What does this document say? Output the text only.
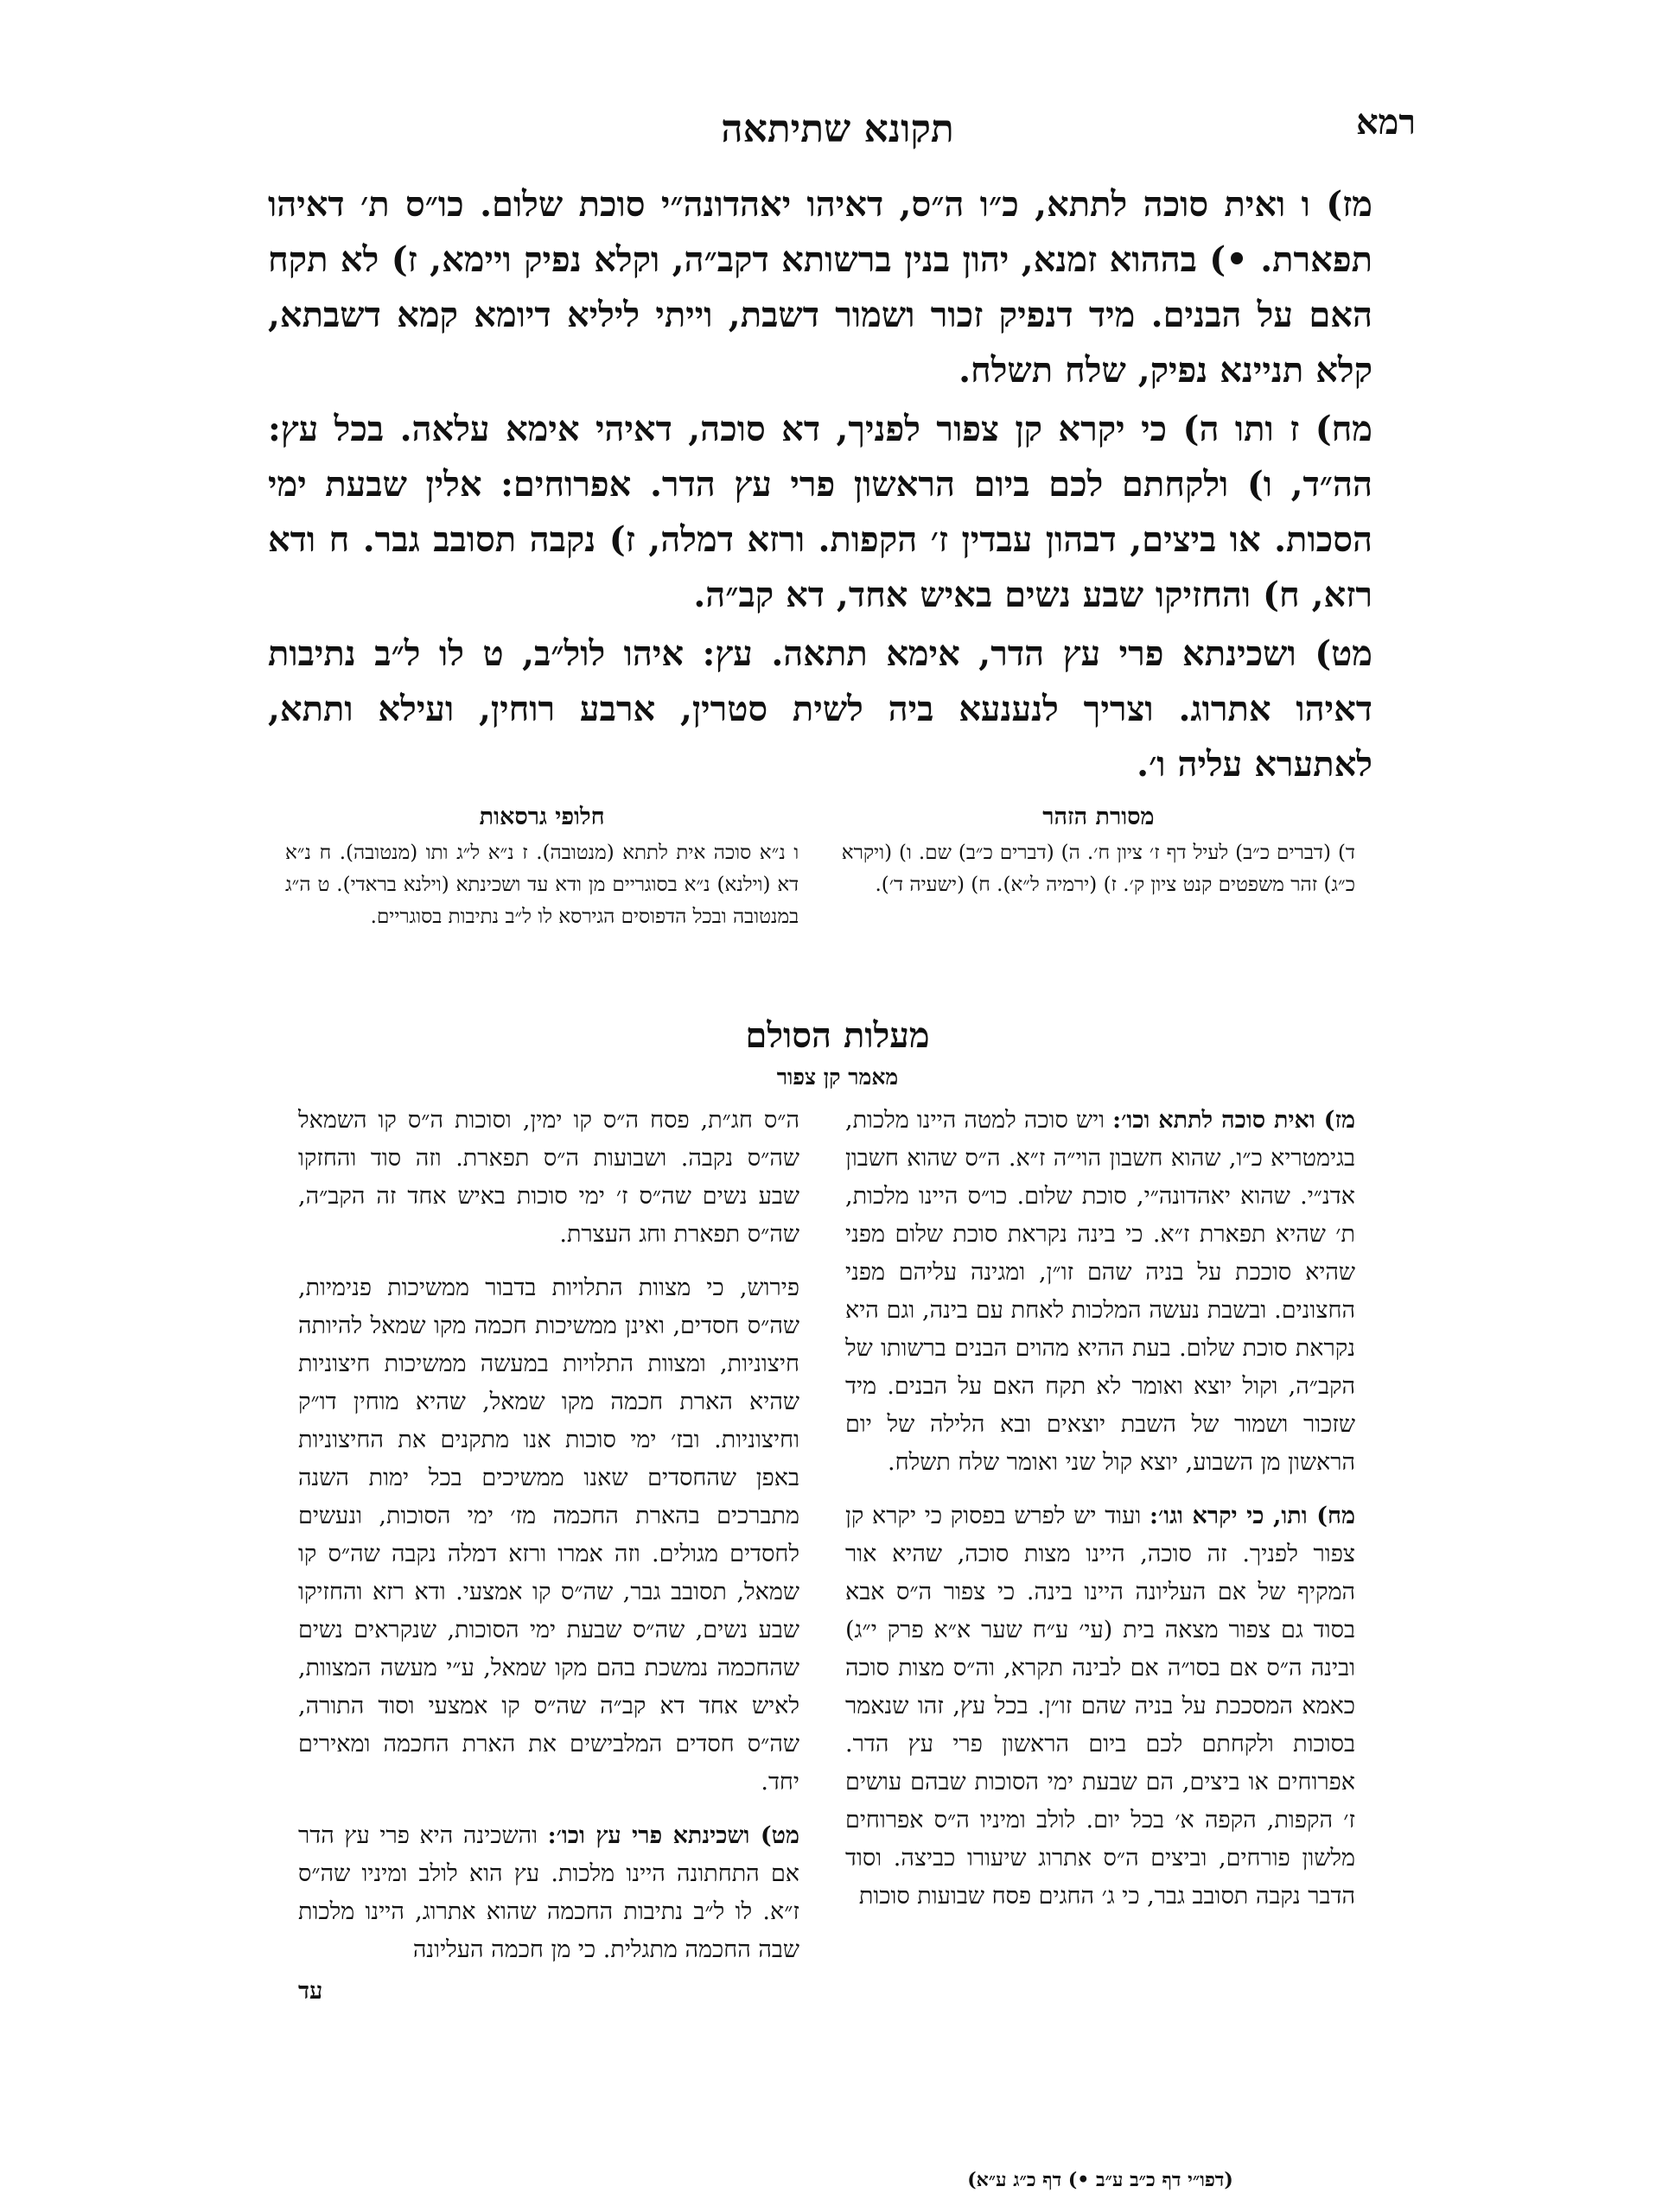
רמא
תקונא שתיתאה

מז) ו ואית סוכה לתתא, כ״ו ה״ס, דאיהו יאהדונה״י סוכת שלום. כו״ס ת׳ דאיהו תפארת. •) בההוא זמנא, יהון בנין ברשותא דקב״ה, וקלא נפיק ויימא, ז) לא תקח האם על הבנים. מיד דנפיק זכור ושמור דשבת, וייתי ליליא דיומא קמא דשבתא, קלא תניינא נפיק, שלח תשלח.

מח) ז ותו ה) כי יקרא קן צפור לפניך, דא סוכה, דאיהי אימא עלאה. בכל עץ: הה״ד, ו) ולקחתם לכם ביום הראשון פרי עץ הדר. אפרוחים: אלין שבעת ימי הסכות. או ביצים, דבהון עבדין ז׳ הקפות. ורזא דמלה, ז) נקבה תסובב גבר. ח ודא רזא, ח) והחזיקו שבע נשים באיש אחד, דא קב״ה.

מט) ושכינתא פרי עץ הדר, אימא תתאה. עץ: איהו לול״ב, ט לו ל״ב נתיבות דאיהו אתרוג. וצריך לנענעא ביה לשית סטרין, ארבע רוחין, ועילא ותתא, לאתערא עליה ו׳.

מסורת הזהר
ד) (דברים כ״ב) לעיל דף ז׳ ציון ח׳. ה) (דברים כ״ב) שם. ו) (ויקרא כ״ג) זהר משפטים קנט ציון ק׳. ז) (ירמיה ל״א). ח) (ישעיה ד׳).
חלופי גרסאות
ו נ״א סוכה אית לתתא (מנטובה). ז נ״א ל״ג ותו (מנטובה). ח נ״א דא (וילנא) נ״א בסוגריים מן ודא עד ושכינתא (וילנא בראדי). ט ה״ג במנטובה ובכל הדפוסים הגירסא לו ל״ב נתיבות בסוגריים.
מעלות הסולם
מאמר קן צפור

מז) ואית סוכה לתתא וכו׳: ויש סוכה למטה היינו מלכות, בגימטריא כ״ו, שהוא חשבון הוי״ה ז״א. ה״ס שהוא חשבון אדנ״י. שהוא יאהדונה״י, סוכת שלום. כו״ס היינו מלכות, ת׳ שהיא תפארת ז״א. כי בינה נקראת סוכת שלום מפני שהיא סוככת על בניה שהם זו״ן, ומגינה עליהם מפני החצונים. ובשבת נעשה המלכות לאחת עם בינה, וגם היא נקראת סוכת שלום. בעת ההיא מהוים הבנים ברשותו של הקב״ה, וקול יוצא ואומר לא תקח האם על הבנים. מיד שזכור ושמור של השבת יוצאים ובא הלילה של יום הראשון מן השבוע, יוצא קול שני ואומר שלח תשלח.

מח) ותו, כי יקרא וגו׳: ועוד יש לפרש בפסוק כי יקרא קן צפור לפניך. זה סוכה, היינו מצות סוכה, שהיא אור המקיף של אם העליונה היינו בינה. כי צפור ה״ס אבא בסוד גם צפור מצאה בית (עי׳ ע״ח שער א״א פרק י״ג) ובינה ה״ס אם בסו״ה אם לבינה תקרא, וה״ס מצות סוכה כאמא המסככת על בניה שהם זו״ן. בכל עץ, זהו שנאמר בסוכות ולקחתם לכם ביום הראשון פרי עץ הדר. אפרוחים או ביצים, הם שבעת ימי הסוכות שבהם עושים ז׳ הקפות, הקפה א׳ בכל יום. לולב ומיניו ה״ס אפרוחים מלשון פורחים, וביצים ה״ס אתרוג שיעורו כביצה. וסוד הדבר נקבה תסובב גבר, כי ג׳ החגים פסח שבועות סוכות

ה״ס חג״ת, פסח ה״ס קו ימין, וסוכות ה״ס קו השמאל שה״ס נקבה. ושבועות ה״ס תפארת. וזה סוד והחזקו שבע נשים שה״ס ז׳ ימי סוכות באיש אחד זה הקב״ה, שה״ס תפארת וחג העצרת.

פירוש, כי מצוות התלויות בדבור ממשיכות פנימיות, שה״ס חסדים, ואינן ממשיכות חכמה מקו שמאל להיותה חיצוניות, ומצוות התלויות במעשה ממשיכות חיצוניות שהיא הארת חכמה מקו שמאל, שהיא מוחין דו״ק וחיצוניות. ובז׳ ימי סוכות אנו מתקנים את החיצוניות באפן שהחסדים שאנו ממשיכים בכל ימות השנה מתברכים בהארת החכמה מז׳ ימי הסוכות, ונעשים לחסדים מגולים. וזה אמרו ורזא דמלה נקבה שה״ס קו שמאל, תסובב גבר, שה״ס קו אמצעי. ודא רזא והחזיקו שבע נשים, שה״ס שבעת ימי הסוכות, שנקראים נשים שהחכמה נמשכת בהם מקו שמאל, ע״י מעשה המצוות, לאיש אחד דא קב״ה שה״ס קו אמצעי וסוד התורה, שה״ס חסדים המלבישים את הארת החכמה ומאירים יחד.

מט) ושכינתא פרי עץ וכו׳: והשכינה היא פרי עץ הדר אם התחתונה היינו מלכות. עץ הוא לולב ומיניו שה״ס ז״א. לו ל״ב נתיבות החכמה שהוא אתרוג, היינו מלכות שבה החכמה מתגלית. כי מן חכמה העליונה

עד
(דפו״י דף כ״ב ע״ב •) דף כ״ג ע״א)
